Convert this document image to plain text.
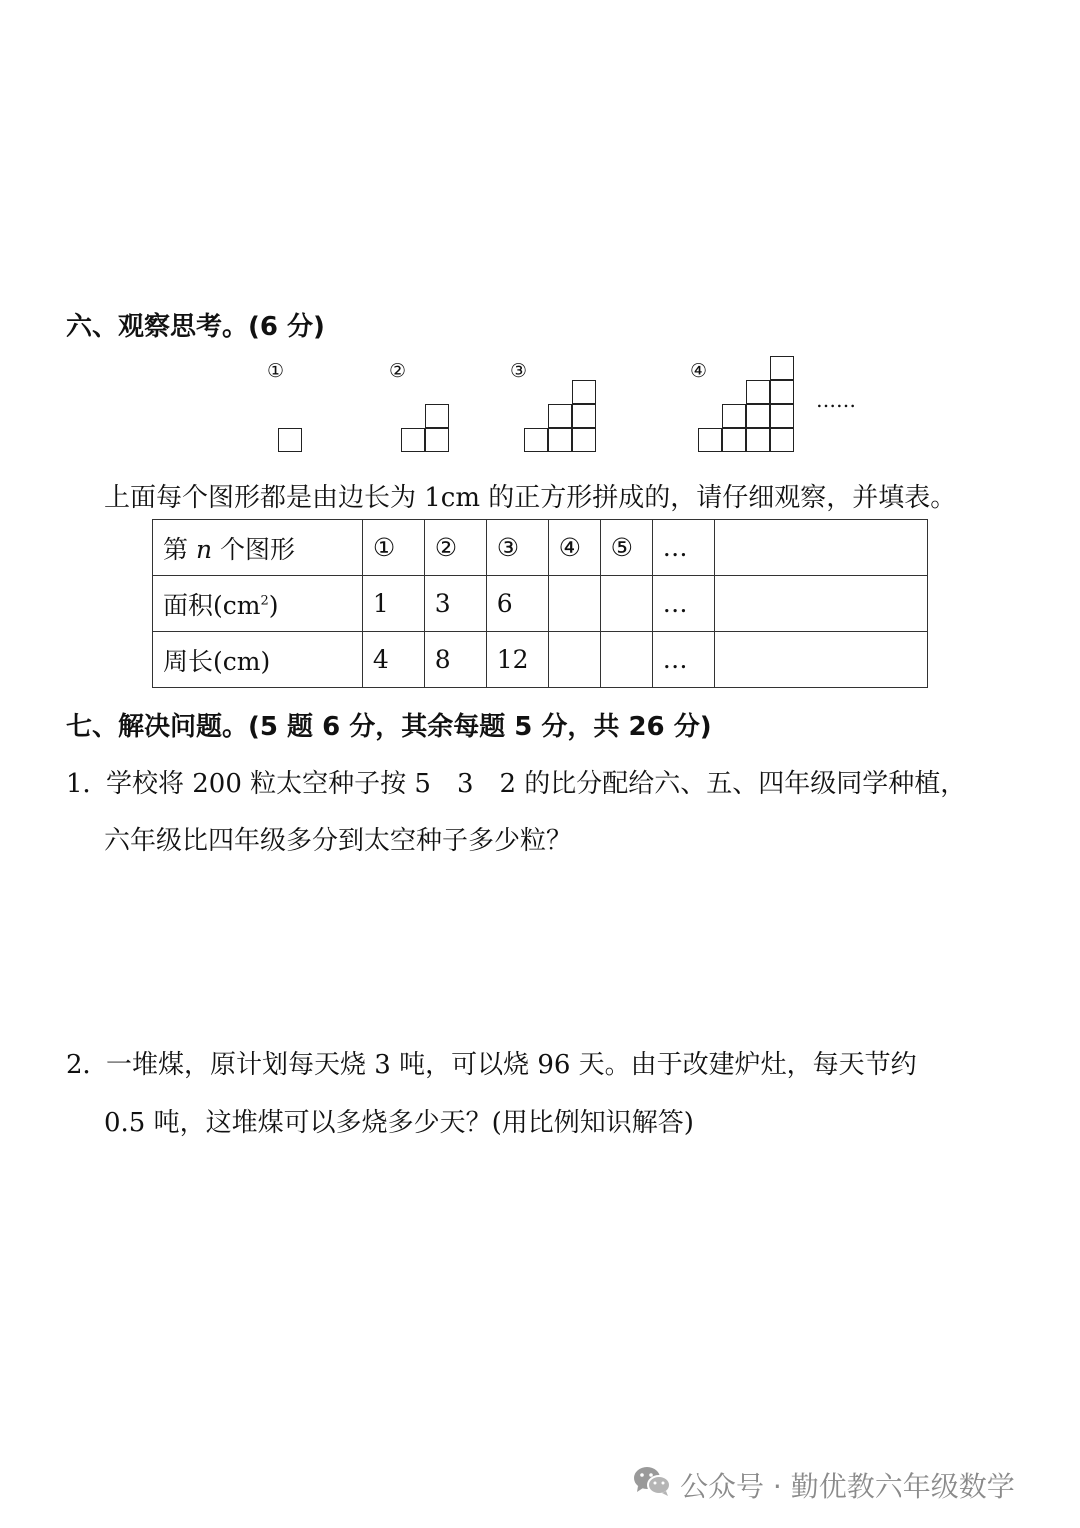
六、观察思考。(6 分)
①	②	③	④
……
上面每个图形都是由边长为 1cm 的正方形拼成的，请仔细观察，并填表。
第 n 个图形	①	②	③	④	⑤	…	
面积$(cm^2)$	1	3	6			…	
周长(cm)	4	8	12			…	
七、解决问题。(5 题 6 分，其余每题 5 分，共 26 分)
1．
学校将 200 粒太空种子按 5　3　2 的比分配给六、五、四年级同学种植，
六年级比四年级多分到太空种子多少粒？
2．
一堆煤，原计划每天烧 3 吨，可以烧 96 天。由于改建炉灶，每天节约
0.5 吨，这堆煤可以多烧多少天？(用比例知识解答)
公众号 · 勤优教六年级数学
